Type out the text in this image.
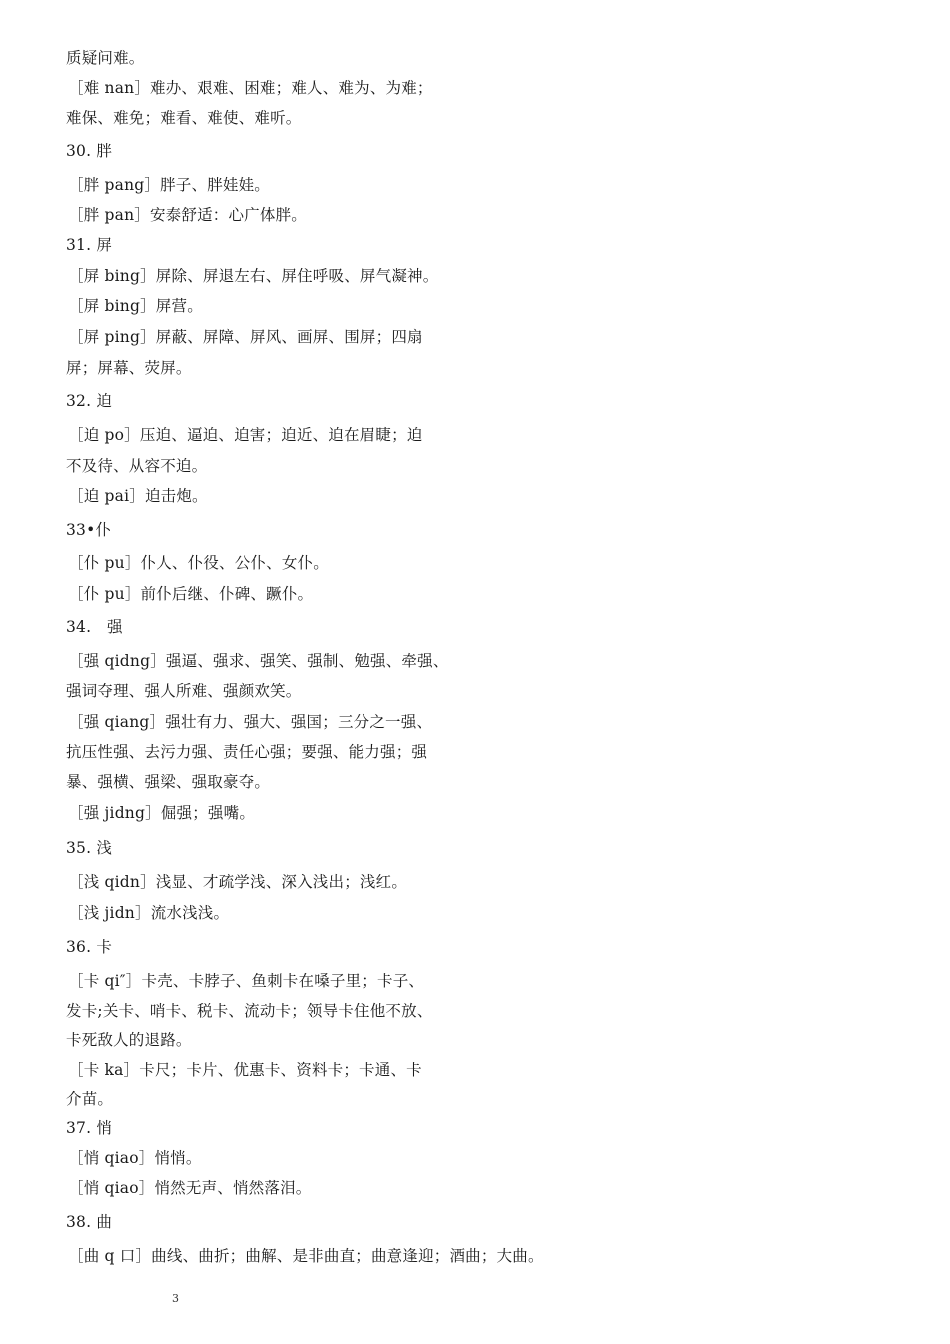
质疑问难。
［难 nan］难办、艰难、困难；难人、难为、为难；
难保、难免；难看、难使、难听。
30. 胖
［胖 pang］胖子、胖娃娃。
［胖 pan］安泰舒适：心广体胖。
31. 屏
［屏 bing］屏除、屏退左右、屏住呼吸、屏气凝神。
［屏 bing］屏营。
［屏 ping］屏蔽、屏障、屏风、画屏、围屏；四扇
屏；屏幕、荧屏。
32. 迫
［迫 po］压迫、逼迫、迫害；迫近、迫在眉睫；迫
不及待、从容不迫。
［迫 pai］迫击炮。
33•仆
［仆 pu］仆人、仆役、公仆、女仆。
［仆 pu］前仆后继、仆碑、蹶仆。
34.　强
［强 qidng］强逼、强求、强笑、强制、勉强、牵强、
强词夺理、强人所难、强颜欢笑。
［强 qiang］强壮有力、强大、强国；三分之一强、
抗压性强、去污力强、责任心强；要强、能力强；强
暴、强横、强梁、强取豪夺。
［强 jidng］倔强；强嘴。
35. 浅
［浅 qidn］浅显、才疏学浅、深入浅出；浅红。
［浅 jidn］流水浅浅。
36. 卡
［卡 qi″］卡壳、卡脖子、鱼刺卡在嗓子里；卡子、
发卡;关卡、哨卡、税卡、流动卡；领导卡住他不放、
卡死敌人的退路。
［卡 ka］卡尺；卡片、优惠卡、资料卡；卡通、卡
介苗。
37. 悄
［悄 qiao］悄悄。
［悄 qiao］悄然无声、悄然落泪。
38. 曲
［曲 q 口］曲线、曲折；曲解、是非曲直；曲意逢迎；酒曲；大曲。
3
